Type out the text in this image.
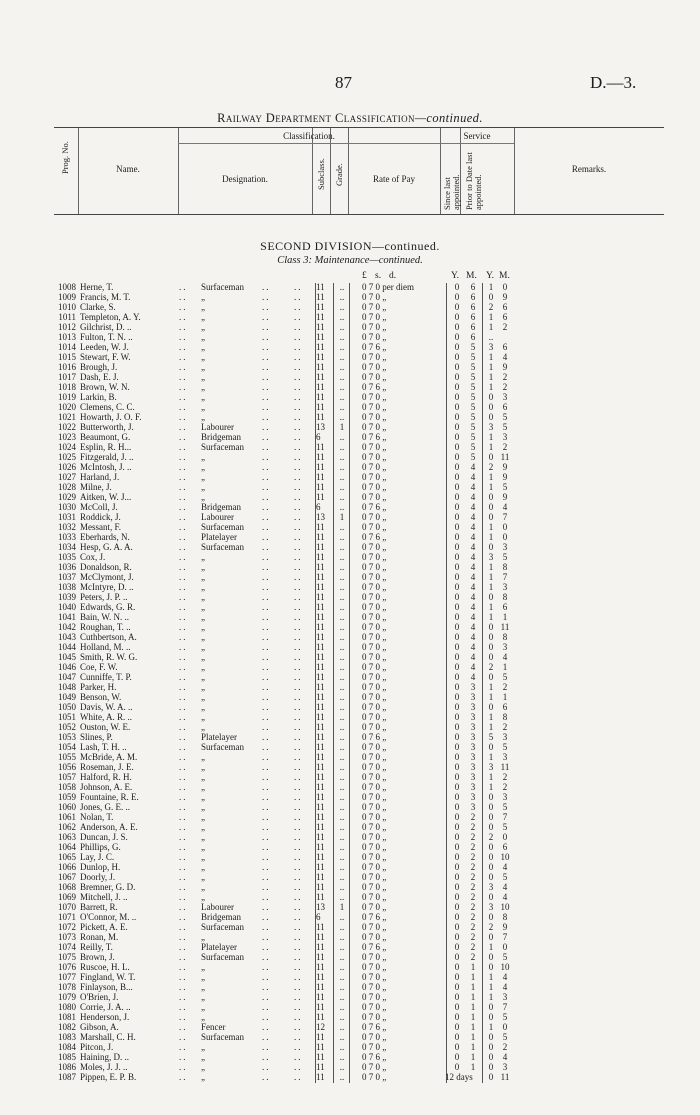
87	D.—3.
Railway Department Classification—continued.
Prog. No.	Name.
Classification.
Designation.	Subclass. Grade.	Rate of Pay
Service
Since last appointed. Prior to Date last appointed.
Remarks.
SECOND DIVISION—continued.
Class 3: Maintenance—continued.
£ s. d.	Y. M. Y. M.
1008 Herne, T.	..	Surfaceman ..	..	11	..	0 7 0 per diem	0	6	1	0
1009 Francis, M. T.	..	„	..	..	11	..	0 7 0 „	0	6	0	9
1010 Clarke, S.	..	„	..	..	11	..	0 7 0 „	0	6	2	6
1011 Templeton, A. Y.	..	„	..	..	11	..	0 7 0 „	0	6	1	6
1012 Gilchrist, D. ..	..	„	..	..	11	..	0 7 0 „	0	6	1	2
1013 Fulton, T. N. ..	..	„	..	..	11	..	0 7 0 „	0	6	..
1014 Leeden, W. J.	..	„	..	..	11	..	0 7 6 „	0	5	3	6
1015 Stewart, F. W.	..	„	..	..	11	..	0 7 0 „	0	5	1	4
1016 Brough, J.	..	„	..	..	11	..	0 7 0 „	0	5	1	9
1017 Dash, E. J.	..	„	..	..	11	..	0 7 0 „	0	5	1	2
1018 Brown, W. N.	..	„	..	..	11	..	0 7 6 „	0	5	1	2
1019 Larkin, B.	..	„	..	..	11	..	0 7 0 „	0	5	0	3
1020 Clemens, C. C.	..	„	..	..	11	..	0 7 0 „	0	5	0	6
1021 Howarth, J. O. F.	..	„	..	..	11	..	0 7 0 „	0	5	0	5
1022 Butterworth, J.	..	Labourer	..	..	13	1	0 7 0 „	0	5	3	5
1023 Beaumont, G.	..	Bridgeman ..	..	6	..	0 7 6 „	0	5	1	3
1024 Esplin, R. H...	..	Surfaceman ..	..	11	..	0 7 0 „	0	5	1	2
1025 Fitzgerald, J. ..	..	„	..	..	11	..	0 7 0 „	0	5	0 11
1026 McIntosh, J. ..	..	„	..	..	11	..	0 7 0 „	0	4	2	9
1027 Harland, J.	..	„	..	..	11	..	0 7 0 „	0	4	1	9
1028 Milne, J.	..	„	..	..	11	..	0 7 0 „	0	4	1	5
1029 Aitken, W. J...	..	„	..	..	11	..	0 7 0 „	0	4	0	9
1030 McColl, J.	..	Bridgeman ..	..	6	..	0 7 6 „	0	4	0	4
1031 Roddick, J.	..	Labourer	..	..	13	1	0 7 0 „	0	4	0	7
1032 Messant, F.	..	Surfaceman ..	..	11	..	0 7 0 „	0	4	1	0
1033 Eberhards, N.	..	Platelayer	..	..	11	..	0 7 6 „	0	4	1	0
1034 Hesp, G. A. A.	..	Surfaceman ..	..	11	..	0 7 0 „	0	4	0	3
1035 Cox, J.	..	„	..	..	11	..	0 7 0 „	0	4	3	5
1036 Donaldson, R.	..	„	..	..	11	..	0 7 0 „	0	4	1	8
1037 McClymont, J.	..	„	..	..	11	..	0 7 0 „	0	4	1	7
1038 McIntyre, D. ..	..	„	..	..	11	..	0 7 0 „	0	4	1	3
1039 Peters, J. P. ..	..	„	..	..	11	..	0 7 0 „	0	4	0	8
1040 Edwards, G. R.	..	„	..	..	11	..	0 7 0 „	0	4	1	6
1041 Bain, W. N. ..	..	„	..	..	11	..	0 7 0 „	0	4	1	1
1042 Roughan, T. ..	..	„	..	..	11	..	0 7 0 „	0	4	0 11
1043 Cuthbertson, A.	..	„	..	..	11	..	0 7 0 „	0	4	0	8
1044 Holland, M. ..	..	„	..	..	11	..	0 7 0 „	0	4	0	3
1045 Smith, R. W. G.	..	„	..	..	11	..	0 7 0 „	0	4	0	4
1046 Coe, F. W.	..	„	..	..	11	..	0 7 0 „	0	4	2	1
1047 Cunniffe, T. P.	..	„	..	..	11	..	0 7 0 „	0	4	0	5
1048 Parker, H.	..	„	..	..	11	..	0 7 0 „	0	3	1	2
1049 Benson, W.	..	„	..	..	11	..	0 7 0 „	0	3	1	1
1050 Davis, W. A. ..	..	„	..	..	11	..	0 7 0 „	0	3	0	6
1051 White, A. R. ..	..	„	..	..	11	..	0 7 0 „	0	3	1	8
1052 Ouston, W. E.	..	„	..	..	11	..	0 7 0 „	0	3	1	2
1053 Slines, P.	..	Platelayer	..	..	11	..	0 7 6 „	0	3	5	3
1054 Lash, T. H. ..	..	Surfaceman ..	..	11	..	0 7 0 „	0	3	0	5
1055 McBride, A. M.	..	„	..	..	11	..	0 7 0 „	0	3	1	3
1056 Roseman, J. E.	..	„	..	..	11	..	0 7 0 „	0	3	3 11
1057 Halford, R. H.	..	„	..	..	11	..	0 7 0 „	0	3	1	2
1058 Johnson, A. E.	..	„	..	..	11	..	0 7 0 „	0	3	1	2
1059 Fountaine, R. E.	..	„	..	..	11	..	0 7 0 „	0	3	0	3
1060 Jones, G. E. ..	..	„	..	..	11	..	0 7 0 „	0	3	0	5
1061 Nolan, T.	..	„	..	..	11	..	0 7 0 „	0	2	0	7
1062 Anderson, A. E.	..	„	..	..	11	..	0 7 0 „	0	2	0	5
1063 Duncan, J. S.	..	„	..	..	11	..	0 7 0 „	0	2	2	0
1064 Phillips, G.	..	„	..	..	11	..	0 7 0 „	0	2	0	6
1065 Lay, J. C.	..	„	..	..	11	..	0 7 0 „	0	2	0 10
1066 Dunlop, H.	..	„	..	..	11	..	0 7 0 „	0	2	0	4
1067 Doorly, J.	..	„	..	..	11	..	0 7 0 „	0	2	0	5
1068 Bremner, G. D.	..	„	..	..	11	..	0 7 0 „	0	2	3	4
1069 Mitchell, J. ..	..	„	..	..	11	..	0 7 0 „	0	2	0	4
1070 Barrett, R.	..	Labourer	..	..	13	1	0 7 0 „	0	2	3 10
1071 O'Connor, M. ..	..	Bridgeman ..	..	6	..	0 7 6 „	0	2	0	8
1072 Pickett, A. E.	..	Surfaceman ..	..	11	..	0 7 0 „	0	2	2	9
1073 Ronan, M.	..	„	..	..	11	..	0 7 0 „	0	2	0	7
1074 Reilly, T.	..	Platelayer	..	..	11	..	0 7 6 „	0	2	1	0
1075 Brown, J.	..	Surfaceman ..	..	11	..	0 7 0 „	0	2	0	5
1076 Ruscoe, H. L.	..	„	..	..	11	..	0 7 0 „	0	1	0 10
1077 Fingland, W. T.	..	„	..	..	11	..	0 7 0 „	0	1	1	4
1078 Finlayson, B...	..	„	..	..	11	..	0 7 0 „	0	1	1	4
1079 O'Brien, J.	..	„	..	..	11	..	0 7 0 „	0	1	1	3
1080 Corrie, J. A. ..	..	„	..	..	11	..	0 7 0 „	0	1	0	7
1081 Henderson, J.	..	„	..	..	11	..	0 7 0 „	0	1	0	5
1082 Gibson, A.	..	Fencer	..	..	12	..	0 7 6 „	0	1	1	0
1083 Marshall, C. H.	..	Surfaceman ..	..	11	..	0 7 0 „	0	1	0	5
1084 Pitcon, J.	..	„	..	..	11	..	0 7 0 „	0	1	0	2
1085 Haining, D. ..	..	„	..	..	11	..	0 7 6 „	0	1	0	4
1086 Moles, J. J. ..	..	„	..	..	11	..	0 7 0 „	0	1	0	3
1087 Pippen, E. P. B.	..	„	..	..	11	..	0 7 0 „	12 days	0 11
